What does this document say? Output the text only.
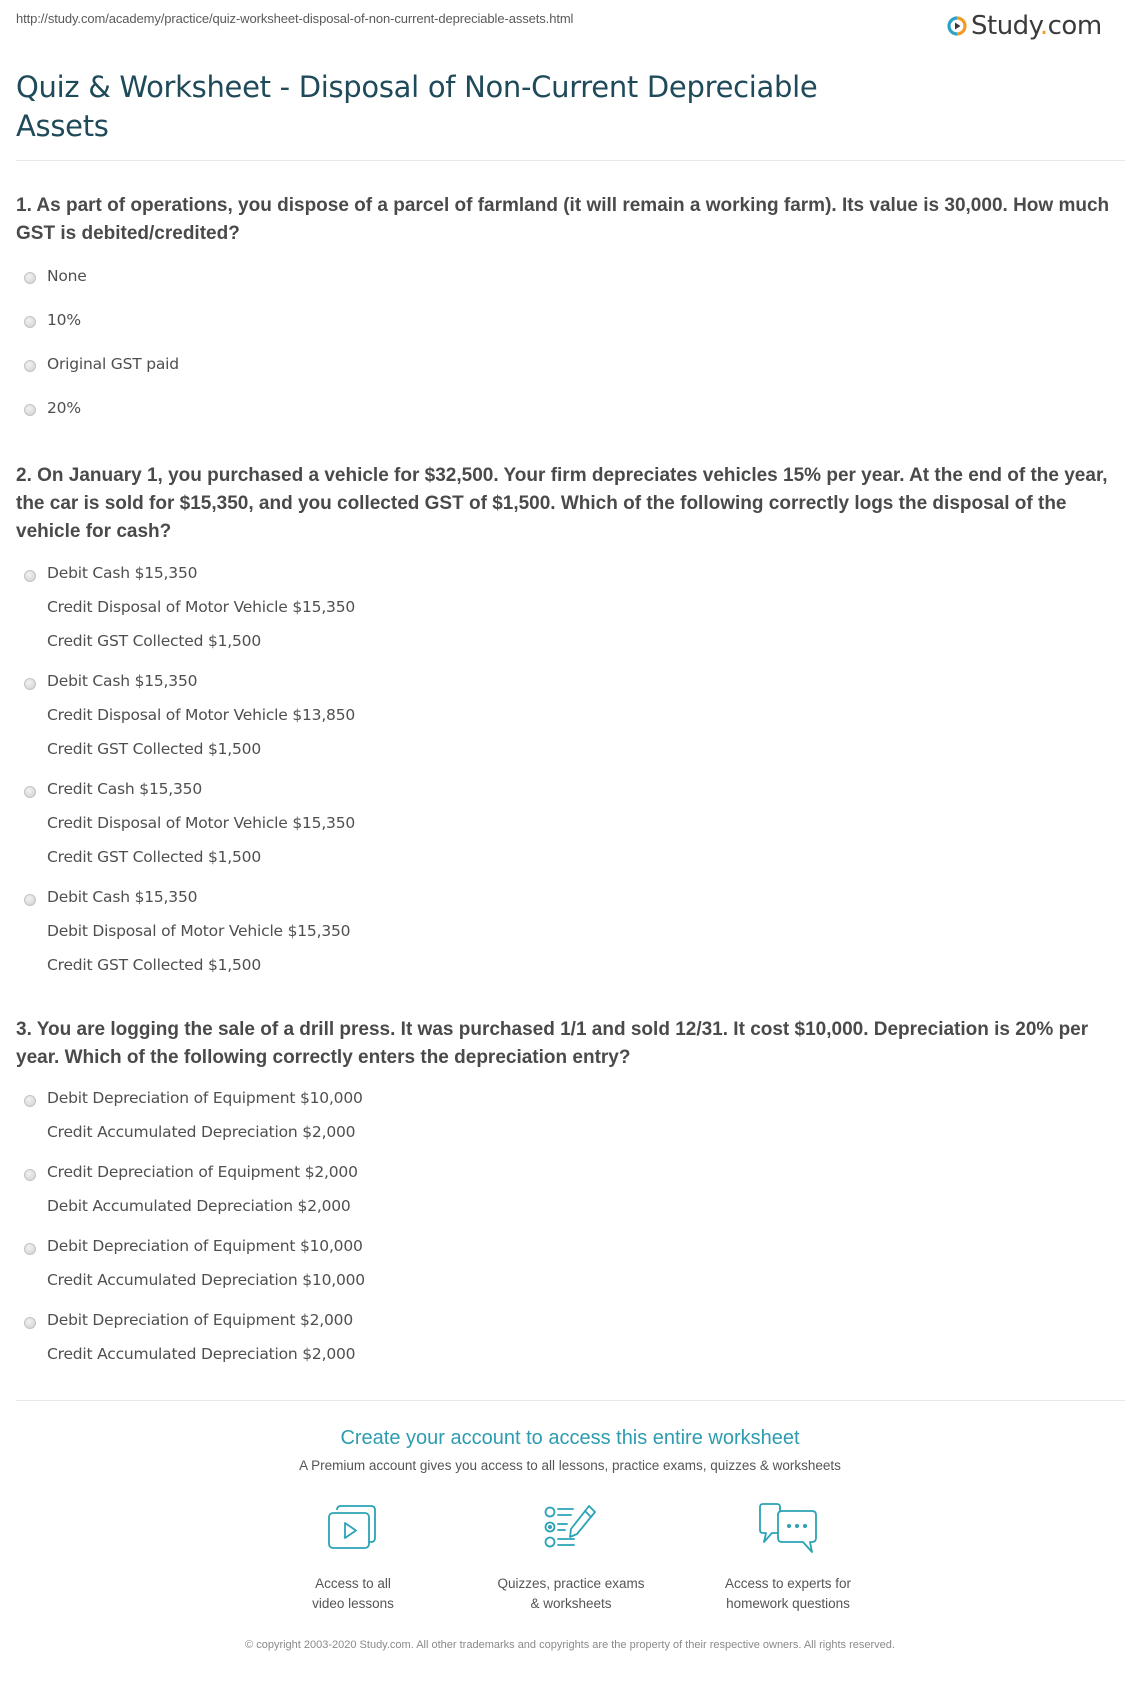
http://study.com/academy/practice/quiz-worksheet-disposal-of-non-current-depreciable-assets.html	Study.com
Quiz & Worksheet - Disposal of Non-Current Depreciable Assets

1. As part of operations, you dispose of a parcel of farmland (it will remain a working farm). Its value is 30,000. How much GST is debited/credited?

None
10%
Original GST paid
20%

2. On January 1, you purchased a vehicle for $32,500. Your firm depreciates vehicles 15% per year. At the end of the year, the car is sold for $15,350, and you collected GST of $1,500. Which of the following correctly logs the disposal of the vehicle for cash?

Debit Cash $15,350
Credit Disposal of Motor Vehicle $15,350
Credit GST Collected $1,500
Debit Cash $15,350
Credit Disposal of Motor Vehicle $13,850
Credit GST Collected $1,500
Credit Cash $15,350
Credit Disposal of Motor Vehicle $15,350
Credit GST Collected $1,500
Debit Cash $15,350
Debit Disposal of Motor Vehicle $15,350
Credit GST Collected $1,500

3. You are logging the sale of a drill press. It was purchased 1/1 and sold 12/31. It cost $10,000. Depreciation is 20% per year. Which of the following correctly enters the depreciation entry?

Debit Depreciation of Equipment $10,000
Credit Accumulated Depreciation $2,000
Credit Depreciation of Equipment $2,000
Debit Accumulated Depreciation $2,000
Debit Depreciation of Equipment $10,000
Credit Accumulated Depreciation $10,000
Debit Depreciation of Equipment $2,000
Credit Accumulated Depreciation $2,000
Create your account to access this entire worksheet
A Premium account gives you access to all lessons, practice exams, quizzes & worksheets
Access to all
video lessons
Quizzes, practice exams
& worksheets
Access to experts for
homework questions
© copyright 2003-2020 Study.com. All other trademarks and copyrights are the property of their respective owners. All rights reserved.
